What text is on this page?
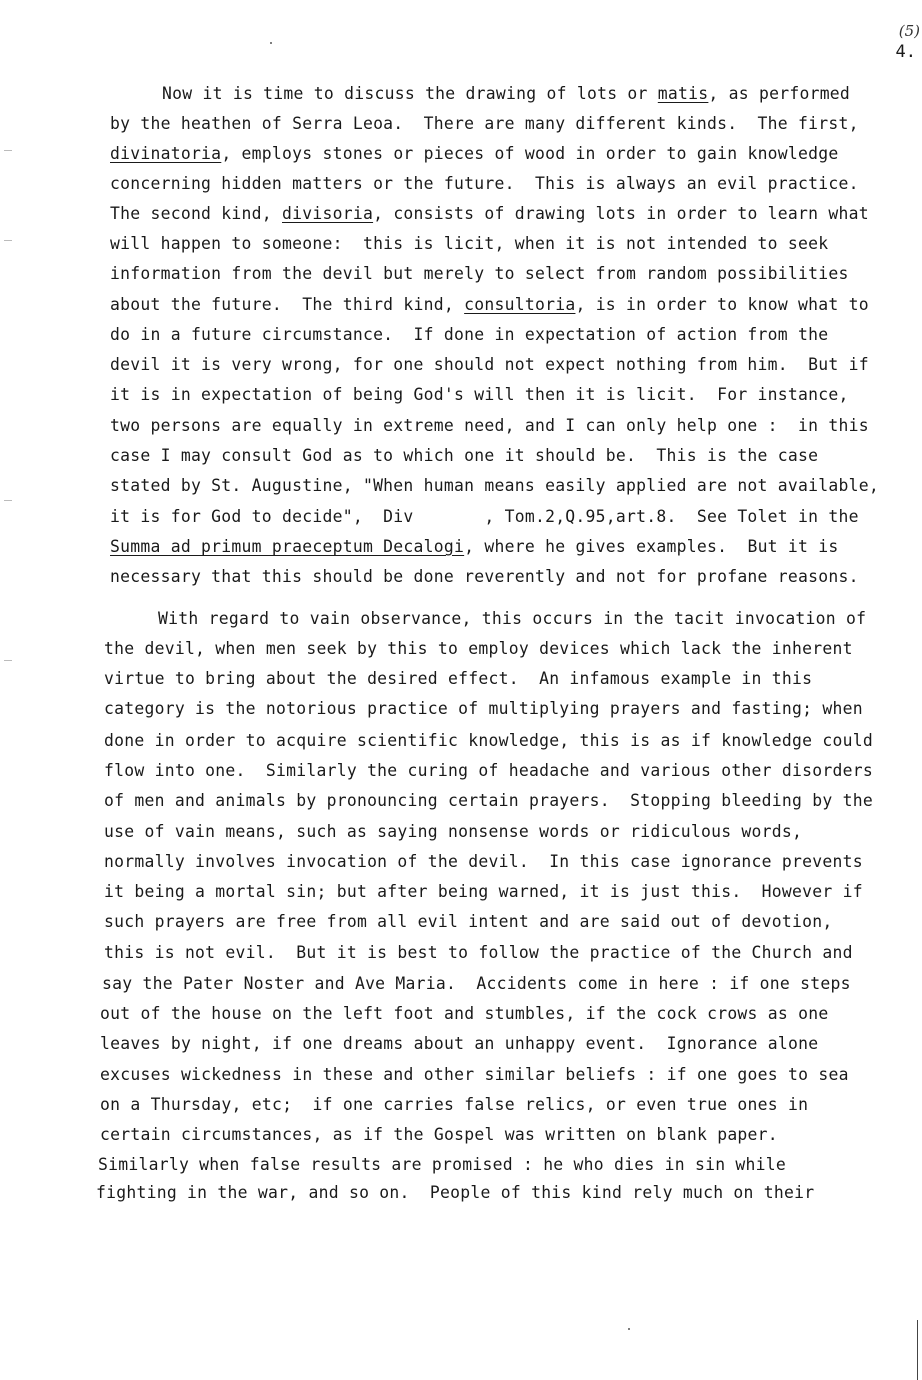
(5)
4.
Now it is time to discuss the drawing of lots or matis, as performed
by the heathen of Serra Leoa.  There are many different kinds.  The first,
divinatoria, employs stones or pieces of wood in order to gain knowledge
concerning hidden matters or the future.  This is always an evil practice.
The second kind, divisoria, consists of drawing lots in order to learn what
will happen to someone:  this is licit, when it is not intended to seek
information from the devil but merely to select from random possibilities
about the future.  The third kind, consultoria, is in order to know what to
do in a future circumstance.  If done in expectation of action from the
devil it is very wrong, for one should not expect nothing from him.  But if
it is in expectation of being God's will then it is licit.  For instance,
two persons are equally in extreme need, and I can only help one :  in this
case I may consult God as to which one it should be.  This is the case
stated by St. Augustine, "When human means easily applied are not available,
it is for God to decide",  Div       , Tom.2,Q.95,art.8.  See Tolet in the
Summa ad primum praeceptum Decalogi, where he gives examples.  But it is
necessary that this should be done reverently and not for profane reasons.
With regard to vain observance, this occurs in the tacit invocation of
the devil, when men seek by this to employ devices which lack the inherent
virtue to bring about the desired effect.  An infamous example in this
category is the notorious practice of multiplying prayers and fasting; when
done in order to acquire scientific knowledge, this is as if knowledge could
flow into one.  Similarly the curing of headache and various other disorders
of men and animals by pronouncing certain prayers.  Stopping bleeding by the
use of vain means, such as saying nonsense words or ridiculous words,
normally involves invocation of the devil.  In this case ignorance prevents
it being a mortal sin; but after being warned, it is just this.  However if
such prayers are free from all evil intent and are said out of devotion,
this is not evil.  But it is best to follow the practice of the Church and
say the Pater Noster and Ave Maria.  Accidents come in here : if one steps
out of the house on the left foot and stumbles, if the cock crows as one
leaves by night, if one dreams about an unhappy event.  Ignorance alone
excuses wickedness in these and other similar beliefs : if one goes to sea
on a Thursday, etc;  if one carries false relics, or even true ones in
certain circumstances, as if the Gospel was written on blank paper.
Similarly when false results are promised : he who dies in sin while
fighting in the war, and so on.  People of this kind rely much on their
